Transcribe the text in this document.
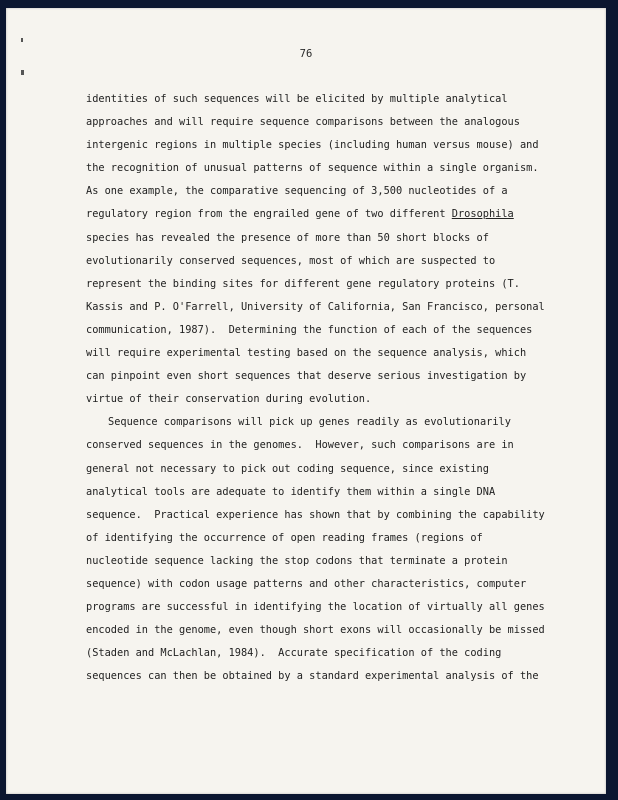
76
identities of such sequences will be elicited by multiple analytical
approaches and will require sequence comparisons between the analogous
intergenic regions in multiple species (including human versus mouse) and
the recognition of unusual patterns of sequence within a single organism.
As one example, the comparative sequencing of 3,500 nucleotides of a
regulatory region from the engrailed gene of two different Drosophila
species has revealed the presence of more than 50 short blocks of
evolutionarily conserved sequences, most of which are suspected to
represent the binding sites for different gene regulatory proteins (T.
Kassis and P. O'Farrell, University of California, San Francisco, personal
communication, 1987).  Determining the function of each of the sequences
will require experimental testing based on the sequence analysis, which
can pinpoint even short sequences that deserve serious investigation by
virtue of their conservation during evolution.
Sequence comparisons will pick up genes readily as evolutionarily
conserved sequences in the genomes.  However, such comparisons are in
general not necessary to pick out coding sequence, since existing
analytical tools are adequate to identify them within a single DNA
sequence.  Practical experience has shown that by combining the capability
of identifying the occurrence of open reading frames (regions of
nucleotide sequence lacking the stop codons that terminate a protein
sequence) with codon usage patterns and other characteristics, computer
programs are successful in identifying the location of virtually all genes
encoded in the genome, even though short exons will occasionally be missed
(Staden and McLachlan, 1984).  Accurate specification of the coding
sequences can then be obtained by a standard experimental analysis of the
